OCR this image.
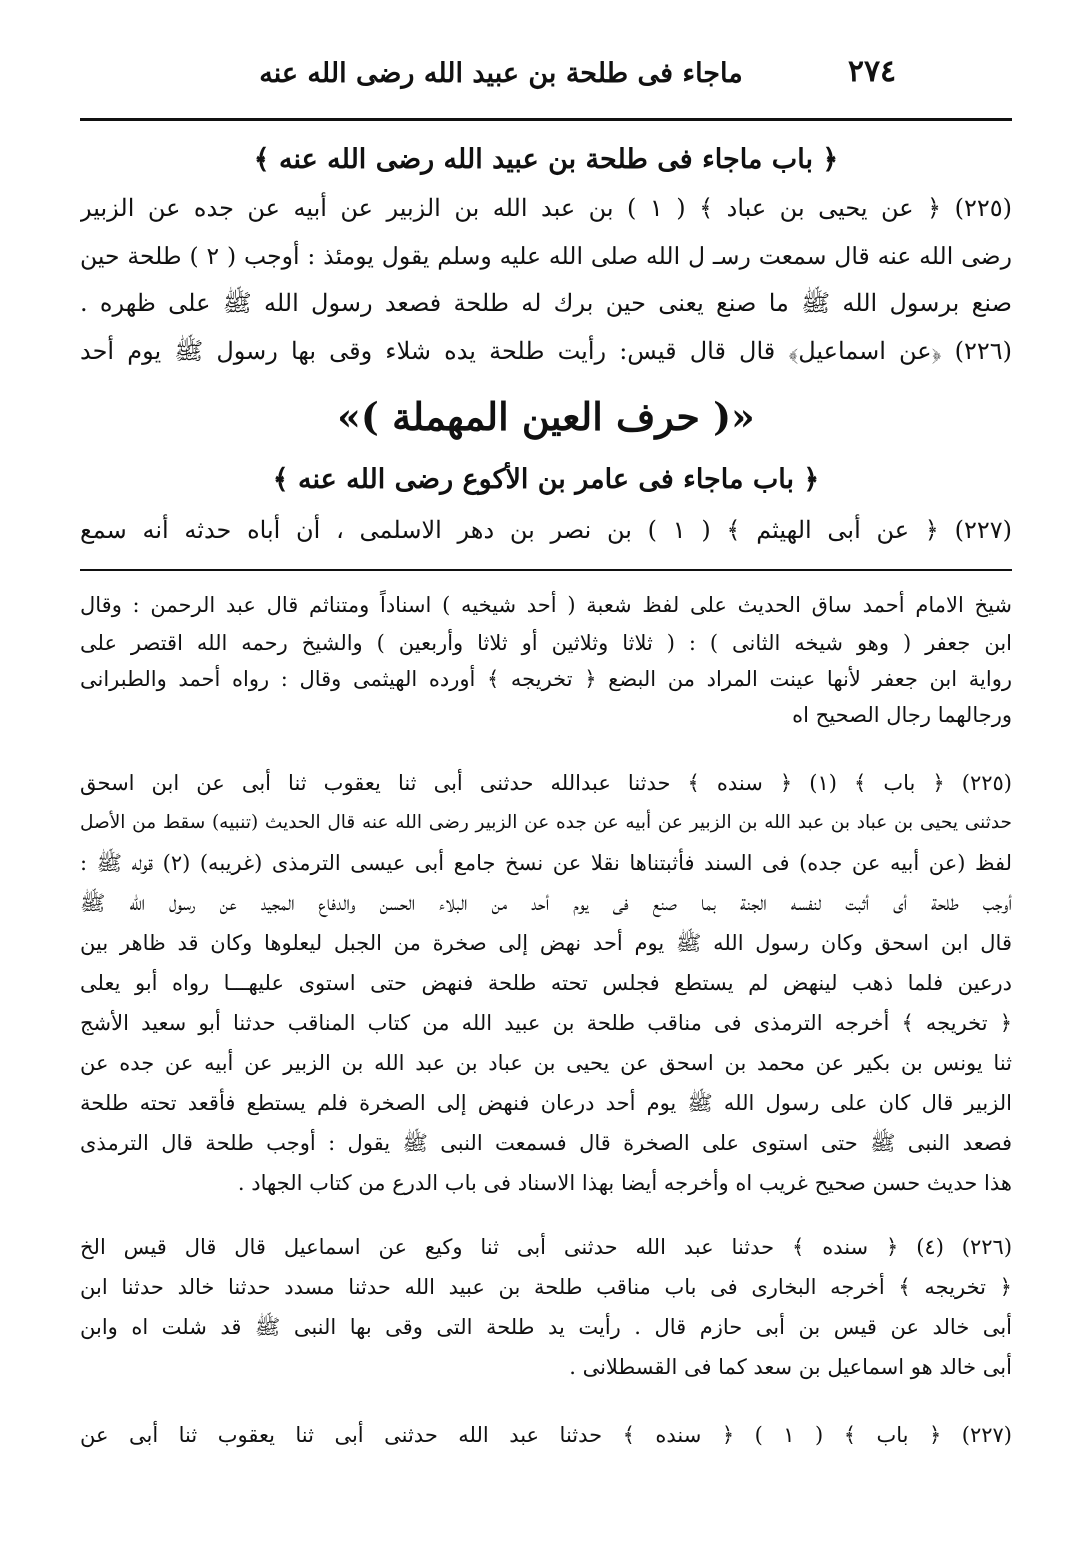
٢٧٤
ماجاء فى طلحة بن عبيد الله رضى الله عنه
﴿ باب ماجاء فى طلحة بن عبيد الله رضى الله عنه ﴾
(٢٢٥) ﴿ عن يحيى بن عباد ﴾ ( ١ ) بن عبد الله بن الزبير عن أبيه عن جده عن الزبير
رضى الله عنه قال سمعت رسـ ل الله صلى الله عليه وسلم يقول يومئذ : أوجب ( ٢ ) طلحة حين
صنع برسول الله ﷺ ما صنع يعنى حين برك له طلحة فصعد رسول الله ﷺ على ظهره .
(٢٢٦) ﴿عن اسماعيل﴾ قال قال قيس: رأيت طلحة يده شلاء وقى بها رسول ﷺ يوم أحد
«( حرف العين المهملة )»
﴿ باب ماجاء فى عامر بن الأكوع رضى الله عنه ﴾
(٢٢٧) ﴿ عن أبى الهيثم ﴾ ( ١ ) بن نصر بن دهر الاسلمى ، أن أباه حدثه أنه سمع
شيخ الامام أحمد ساق الحديث على لفظ شعبة ( أحد شيخيه ) اسناداً ومتناثم قال عبد الرحمن : وقال
ابن جعفر ( وهو شيخه الثانى ) : ( ثلاثا وثلاثين أو ثلاثا وأربعين ) والشيخ رحمه الله اقتصر على
رواية ابن جعفر لأنها عينت المراد من البضع ﴿ تخريجه ﴾ أورده الهيثمى وقال : رواه أحمد والطبرانى
ورجالهما رجال الصحيح اه
(٢٢٥) ﴿ باب ﴾ (١) ﴿ سنده ﴾ حدثنا عبدالله حدثنى أبى ثنا يعقوب ثنا أبى عن ابن اسحق
حدثنى يحيى بن عباد بن عبد الله بن الزبير عن أبيه عن جده عن الزبير رضى الله عنه قال الحديث (تنبيه) سقط من الأصل
لفظ (عن أبيه عن جده) فى السند فأثبتناها نقلا عن نسخ جامع أبى عيسى الترمذى (غريبه) (٢) قوله ﷺ :
أوجب طلحة أى أثبت لنفسه الجنة بما صنع فى يوم أحد من البلاء الحسن والدفاع المجيد عن رسول الله ﷺ
قال ابن اسحق وكان رسول الله ﷺ يوم أحد نهض إلى صخرة من الجبل ليعلوها وكان قد ظاهر بين
درعين فلما ذهب لينهض لم يستطع فجلس تحته طلحة فنهض حتى استوى عليهـــا رواه أبو يعلى
﴿ تخريجه ﴾ أخرجه الترمذى فى مناقب طلحة بن عبيد الله من كتاب المناقب حدثنا أبو سعيد الأشج
ثنا يونس بن بكير عن محمد بن اسحق عن يحيى بن عباد بن عبد الله بن الزبير عن أبيه عن جده عن
الزبير قال كان على رسول الله ﷺ يوم أحد درعان فنهض إلى الصخرة فلم يستطع فأقعد تحته طلحة
فصعد النبى ﷺ حتى استوى على الصخرة قال فسمعت النبى ﷺ يقول : أوجب طلحة قال الترمذى
هذا حديث حسن صحيح غريب اه وأخرجه أيضا بهذا الاسناد فى باب الدرع من كتاب الجهاد .
(٢٢٦) (٤) ﴿ سنده ﴾ حدثنا عبد الله حدثنى أبى ثنا وكيع عن اسماعيل قال قال قيس الخ
﴿ تخريجه ﴾ أخرجه البخارى فى باب مناقب طلحة بن عبيد الله حدثنا مسدد حدثنا خالد حدثنا ابن
أبى خالد عن قيس بن أبى حازم قال . رأيت يد طلحة التى وقى بها النبى ﷺ قد شلت اه وابن
أبى خالد هو اسماعيل بن سعد كما فى القسطلانى .
(٢٢٧) ﴿ باب ﴾ ( ١ ) ﴿ سنده ﴾ حدثنا عبد الله حدثنى أبى ثنا يعقوب ثنا أبى عن
